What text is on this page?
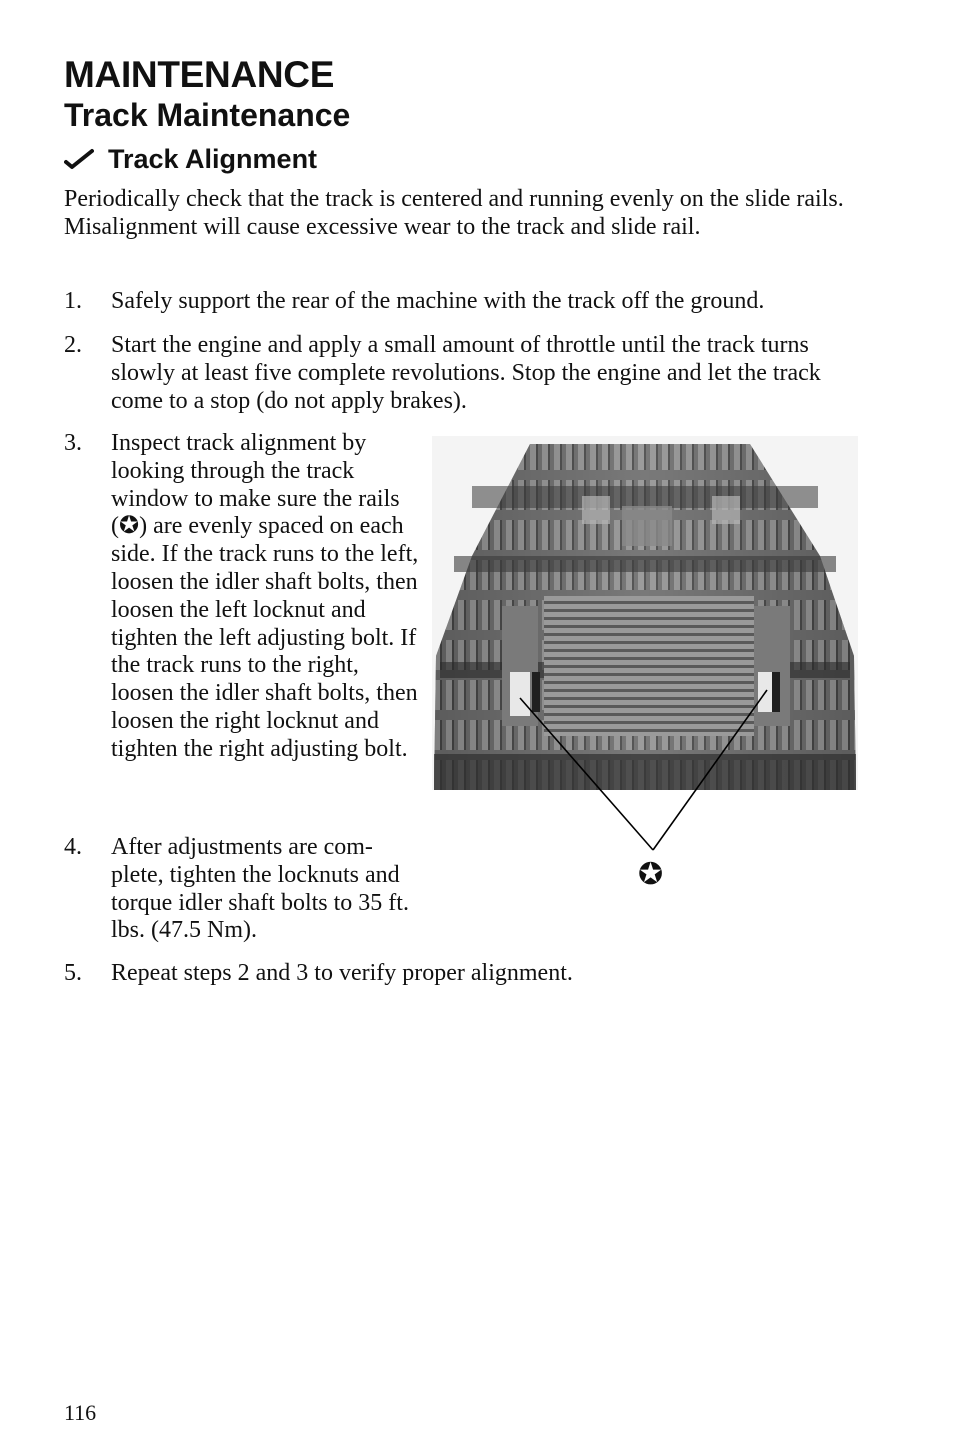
MAINTENANCE
Track Maintenance
Track Alignment

Periodically check that the track is centered and running evenly on the slide rails. Misalignment will cause excessive wear to the track and slide rail.

1. Safely support the rear of the machine with the track off the ground.
2. Start the engine and apply a small amount of throttle until the track turns slowly at least five complete revolutions. Stop the engine and let the track come to a stop (do not apply brakes).
3. Inspect track alignment by looking through the track window to make sure the rails (✪) are evenly spaced on each side. If the track runs to the left, loosen the idler shaft bolts, then loosen the left locknut and tighten the left adjusting bolt. If the track runs to the right, loosen the idler shaft bolts, then loosen the right locknut and tighten the right adjusting bolt.
4. After adjustments are com-plete, tighten the locknuts and torque idler shaft bolts to 35 ft. lbs. (47.5 Nm).
5. Repeat steps 2 and 3 to verify proper alignment.
✪
116
